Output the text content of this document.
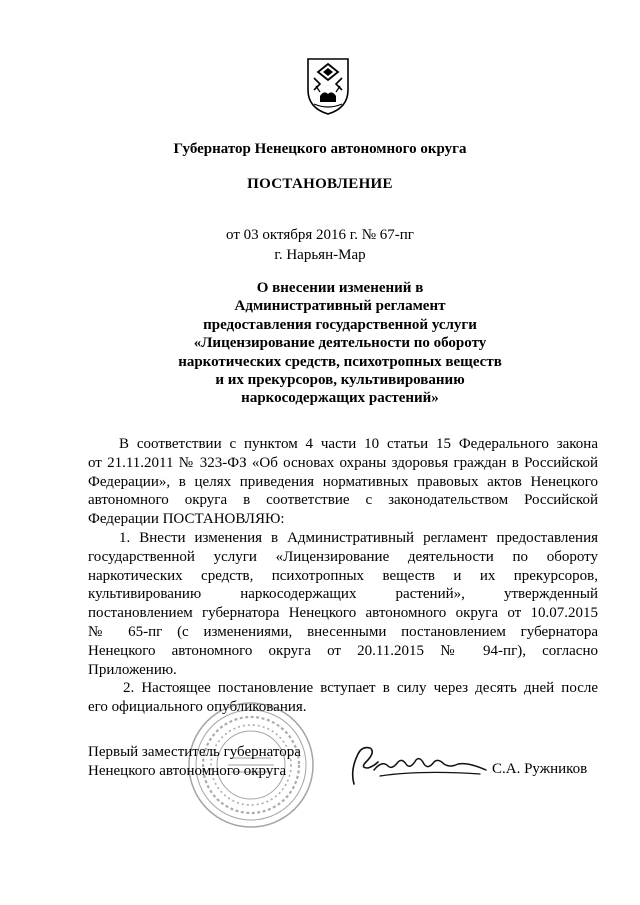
Губернатор Ненецкого автономного округа
ПОСТАНОВЛЕНИЕ
от 03 октября 2016 г. № 67-пг
г. Нарьян-Мар
О внесении изменений в
Административный регламент
предоставления государственной услуги
«Лицензирование деятельности по обороту
наркотических средств, психотропных веществ
и их прекурсоров, культивированию
наркосодержащих растений»
В соответствии с пунктом 4 части 10 статьи 15 Федерального закона
от 21.11.2011 № 323-ФЗ «Об основах охраны здоровья граждан в Российской
Федерации», в целях приведения нормативных правовых актов Ненецкого
автономного округа в соответствие с законодательством Российской
Федерации ПОСТАНОВЛЯЮ:
1. Внести изменения в Административный регламент предоставления
государственной услуги «Лицензирование деятельности по обороту
наркотических средств, психотропных веществ и их прекурсоров,
культивированию наркосодержащих растений», утвержденный
постановлением губернатора Ненецкого автономного округа от 10.07.2015
№ 65-пг (с изменениями, внесенными постановлением губернатора
Ненецкого автономного округа от 20.11.2015 № 94-пг), согласно
Приложению.
2. Настоящее постановление вступает в силу через десять дней после
его официального опубликования.
Первый заместитель губернатора
Ненецкого автономного округа	С.А. Ружников
